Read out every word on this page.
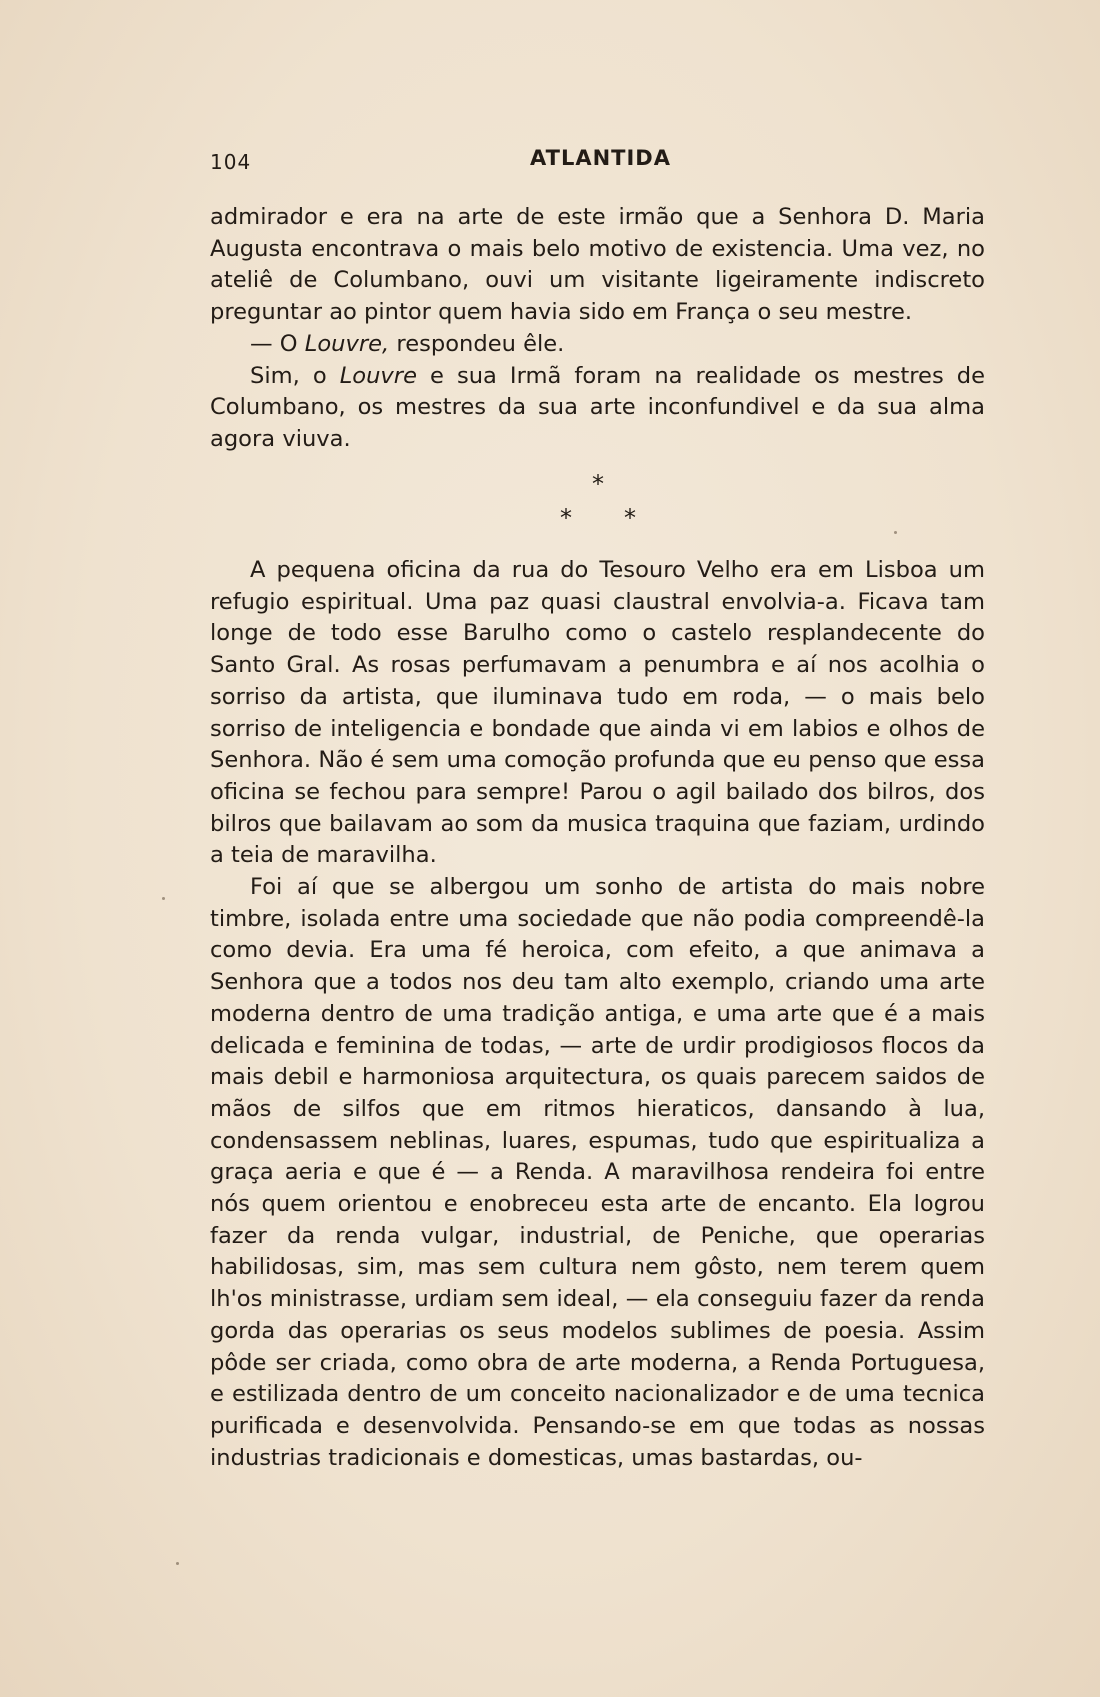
104	ATLANTIDA

admirador e era na arte de este irmão que a Senhora D. Maria Augusta encontrava o mais belo motivo de existencia. Uma vez, no ateliê de Columbano, ouvi um visitante ligeiramente indiscreto preguntar ao pintor quem havia sido em França o seu mestre.

— O Louvre, respondeu êle.

Sim, o Louvre e sua Irmã foram na realidade os mestres de Columbano, os mestres da sua arte inconfundivel e da sua alma agora viuva.

*
* *

A pequena oficina da rua do Tesouro Velho era em Lisboa um refugio espiritual. Uma paz quasi claustral envolvia-a. Ficava tam longe de todo esse Barulho como o castelo resplandecente do Santo Gral. As rosas perfumavam a penumbra e aí nos acolhia o sorriso da artista, que iluminava tudo em roda, — o mais belo sorriso de inteligencia e bondade que ainda vi em labios e olhos de Senhora. Não é sem uma comoção profunda que eu penso que essa oficina se fechou para sempre! Parou o agil bailado dos bilros, dos bilros que bailavam ao som da musica traquina que faziam, urdindo a teia de maravilha.

Foi aí que se albergou um sonho de artista do mais nobre timbre, isolada entre uma sociedade que não podia compreendê-la como devia. Era uma fé heroica, com efeito, a que animava a Senhora que a todos nos deu tam alto exemplo, criando uma arte moderna dentro de uma tradição antiga, e uma arte que é a mais delicada e feminina de todas, — arte de urdir prodigiosos flocos da mais debil e harmoniosa arquitectura, os quais parecem saidos de mãos de silfos que em ritmos hieraticos, dansando à lua, condensassem neblinas, luares, espumas, tudo que espiritualiza a graça aeria e que é — a Renda. A maravilhosa rendeira foi entre nós quem orientou e enobreceu esta arte de encanto. Ela logrou fazer da renda vulgar, industrial, de Peniche, que operarias habilidosas, sim, mas sem cultura nem gôsto, nem terem quem lh'os ministrasse, urdiam sem ideal, — ela conseguiu fazer da renda gorda das operarias os seus modelos sublimes de poesia. Assim pôde ser criada, como obra de arte moderna, a Renda Portuguesa, e estilizada dentro de um conceito nacionalizador e de uma tecnica purificada e desenvolvida. Pensando-se em que todas as nossas industrias tradicionais e domesticas, umas bastardas, ou-
